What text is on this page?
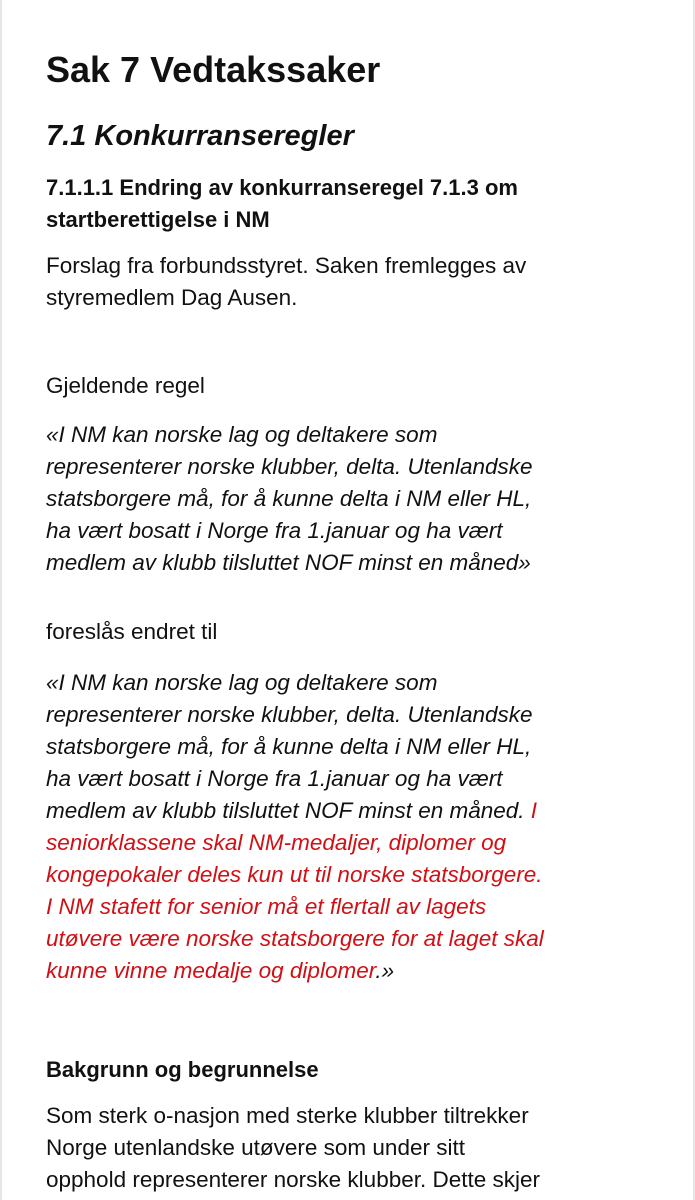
Sak 7 Vedtakssaker
7.1 Konkurranseregler
7.1.1.1 Endring av konkurranseregel 7.1.3 om
startberettigelse i NM
Forslag fra forbundsstyret. Saken fremlegges av
styremedlem Dag Ausen.
Gjeldende regel
«I NM kan norske lag og deltakere som
representerer norske klubber, delta. Utenlandske
statsborgere må, for å kunne delta i NM eller HL,
ha vært bosatt i Norge fra 1.januar og ha vært
medlem av klubb tilsluttet NOF minst en måned»
foreslås endret til
«I NM kan norske lag og deltakere som
representerer norske klubber, delta. Utenlandske
statsborgere må, for å kunne delta i NM eller HL,
ha vært bosatt i Norge fra 1.januar og ha vært
medlem av klubb tilsluttet NOF minst en måned. I
seniorklassene skal NM-medaljer, diplomer og
kongepokaler deles kun ut til norske statsborgere.
I NM stafett for senior må et flertall av lagets
utøvere være norske statsborgere for at laget skal
kunne vinne medalje og diplomer.»
Bakgrunn og begrunnelse
Som sterk o-nasjon med sterke klubber tiltrekker
Norge utenlandske utøvere som under sitt
opphold representerer norske klubber. Dette skjer
